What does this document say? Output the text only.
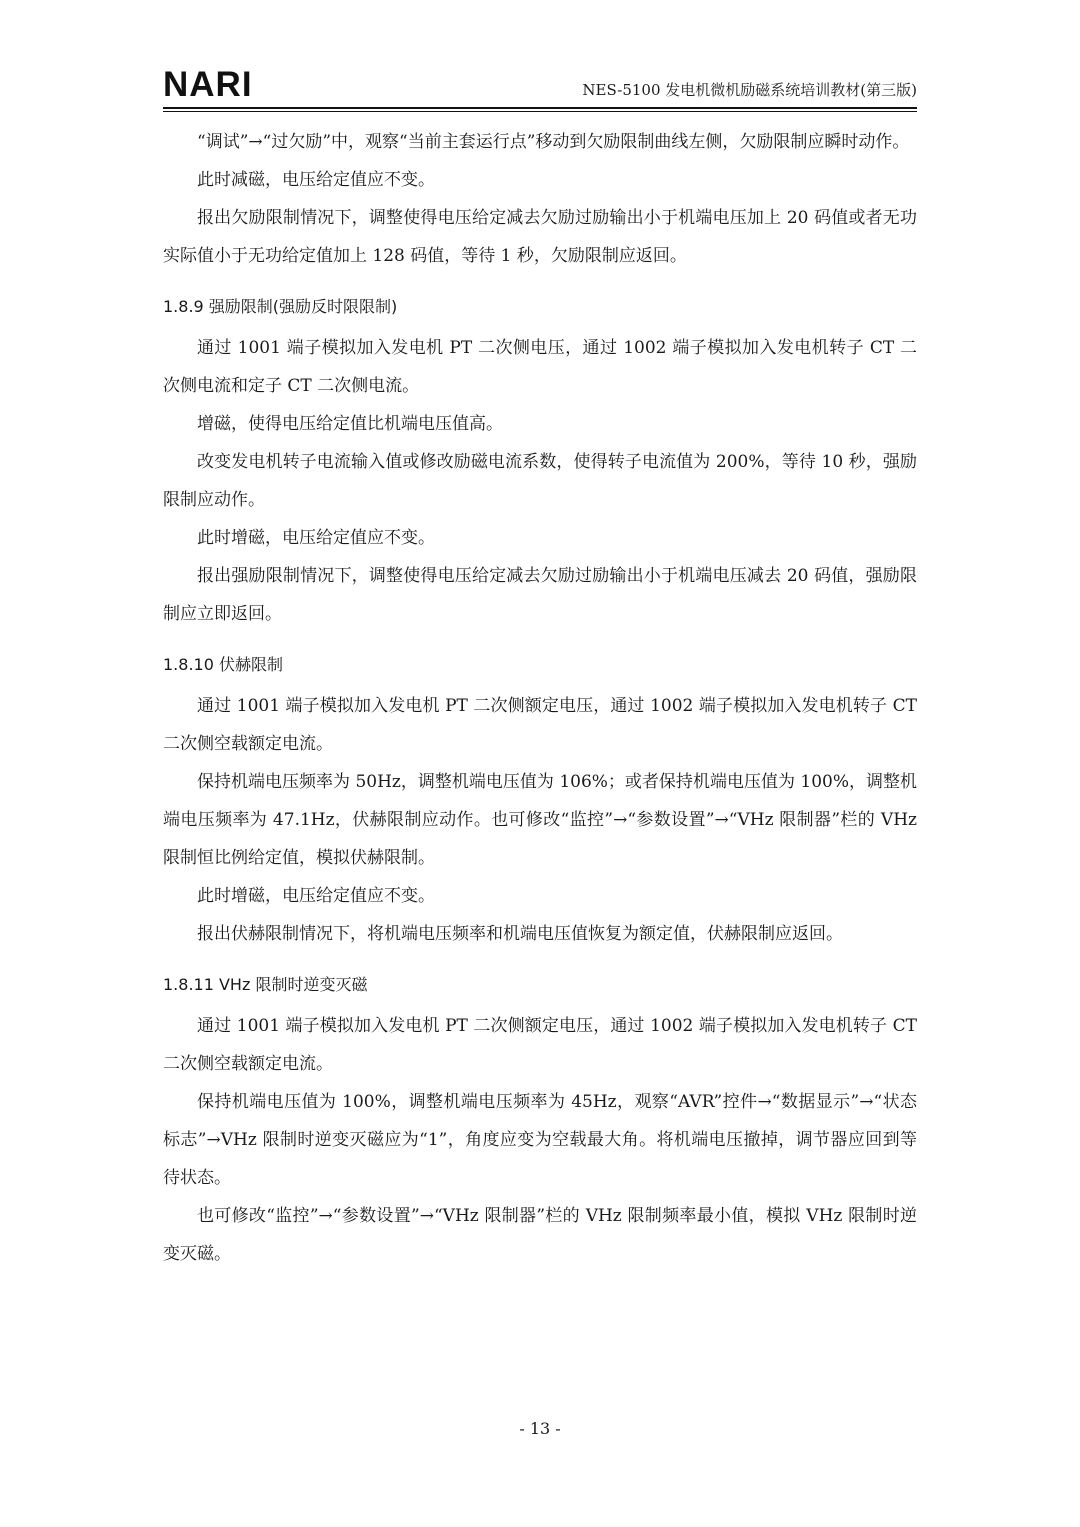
NARI	NES-5100 发电机微机励磁系统培训教材(第三版)

“调试”→“过欠励”中，观察“当前主套运行点”移动到欠励限制曲线左侧，欠励限制应瞬时动作。

此时减磁，电压给定值应不变。

报出欠励限制情况下，调整使得电压给定减去欠励过励输出小于机端电压加上 20 码值或者无功实际值小于无功给定值加上 128 码值，等待 1 秒，欠励限制应返回。

1.8.9 强励限制(强励反时限限制)

通过 1001 端子模拟加入发电机 PT 二次侧电压，通过 1002 端子模拟加入发电机转子 CT 二次侧电流和定子 CT 二次侧电流。

增磁，使得电压给定值比机端电压值高。

改变发电机转子电流输入值或修改励磁电流系数，使得转子电流值为 200%，等待 10 秒，强励限制应动作。

此时增磁，电压给定值应不变。

报出强励限制情况下，调整使得电压给定减去欠励过励输出小于机端电压减去 20 码值，强励限制应立即返回。

1.8.10 伏赫限制

通过 1001 端子模拟加入发电机 PT 二次侧额定电压，通过 1002 端子模拟加入发电机转子 CT 二次侧空载额定电流。

保持机端电压频率为 50Hz，调整机端电压值为 106%；或者保持机端电压值为 100%，调整机端电压频率为 47.1Hz，伏赫限制应动作。也可修改“监控”→“参数设置”→“VHz 限制器”栏的 VHz 限制恒比例给定值，模拟伏赫限制。

此时增磁，电压给定值应不变。

报出伏赫限制情况下，将机端电压频率和机端电压值恢复为额定值，伏赫限制应返回。

1.8.11 VHz 限制时逆变灭磁

通过 1001 端子模拟加入发电机 PT 二次侧额定电压，通过 1002 端子模拟加入发电机转子 CT 二次侧空载额定电流。

保持机端电压值为 100%，调整机端电压频率为 45Hz，观察“AVR”控件→“数据显示”→“状态标志”→VHz 限制时逆变灭磁应为“1”，角度应变为空载最大角。将机端电压撤掉，调节器应回到等待状态。

也可修改“监控”→“参数设置”→“VHz 限制器”栏的 VHz 限制频率最小值，模拟 VHz 限制时逆变灭磁。

- 13 -
